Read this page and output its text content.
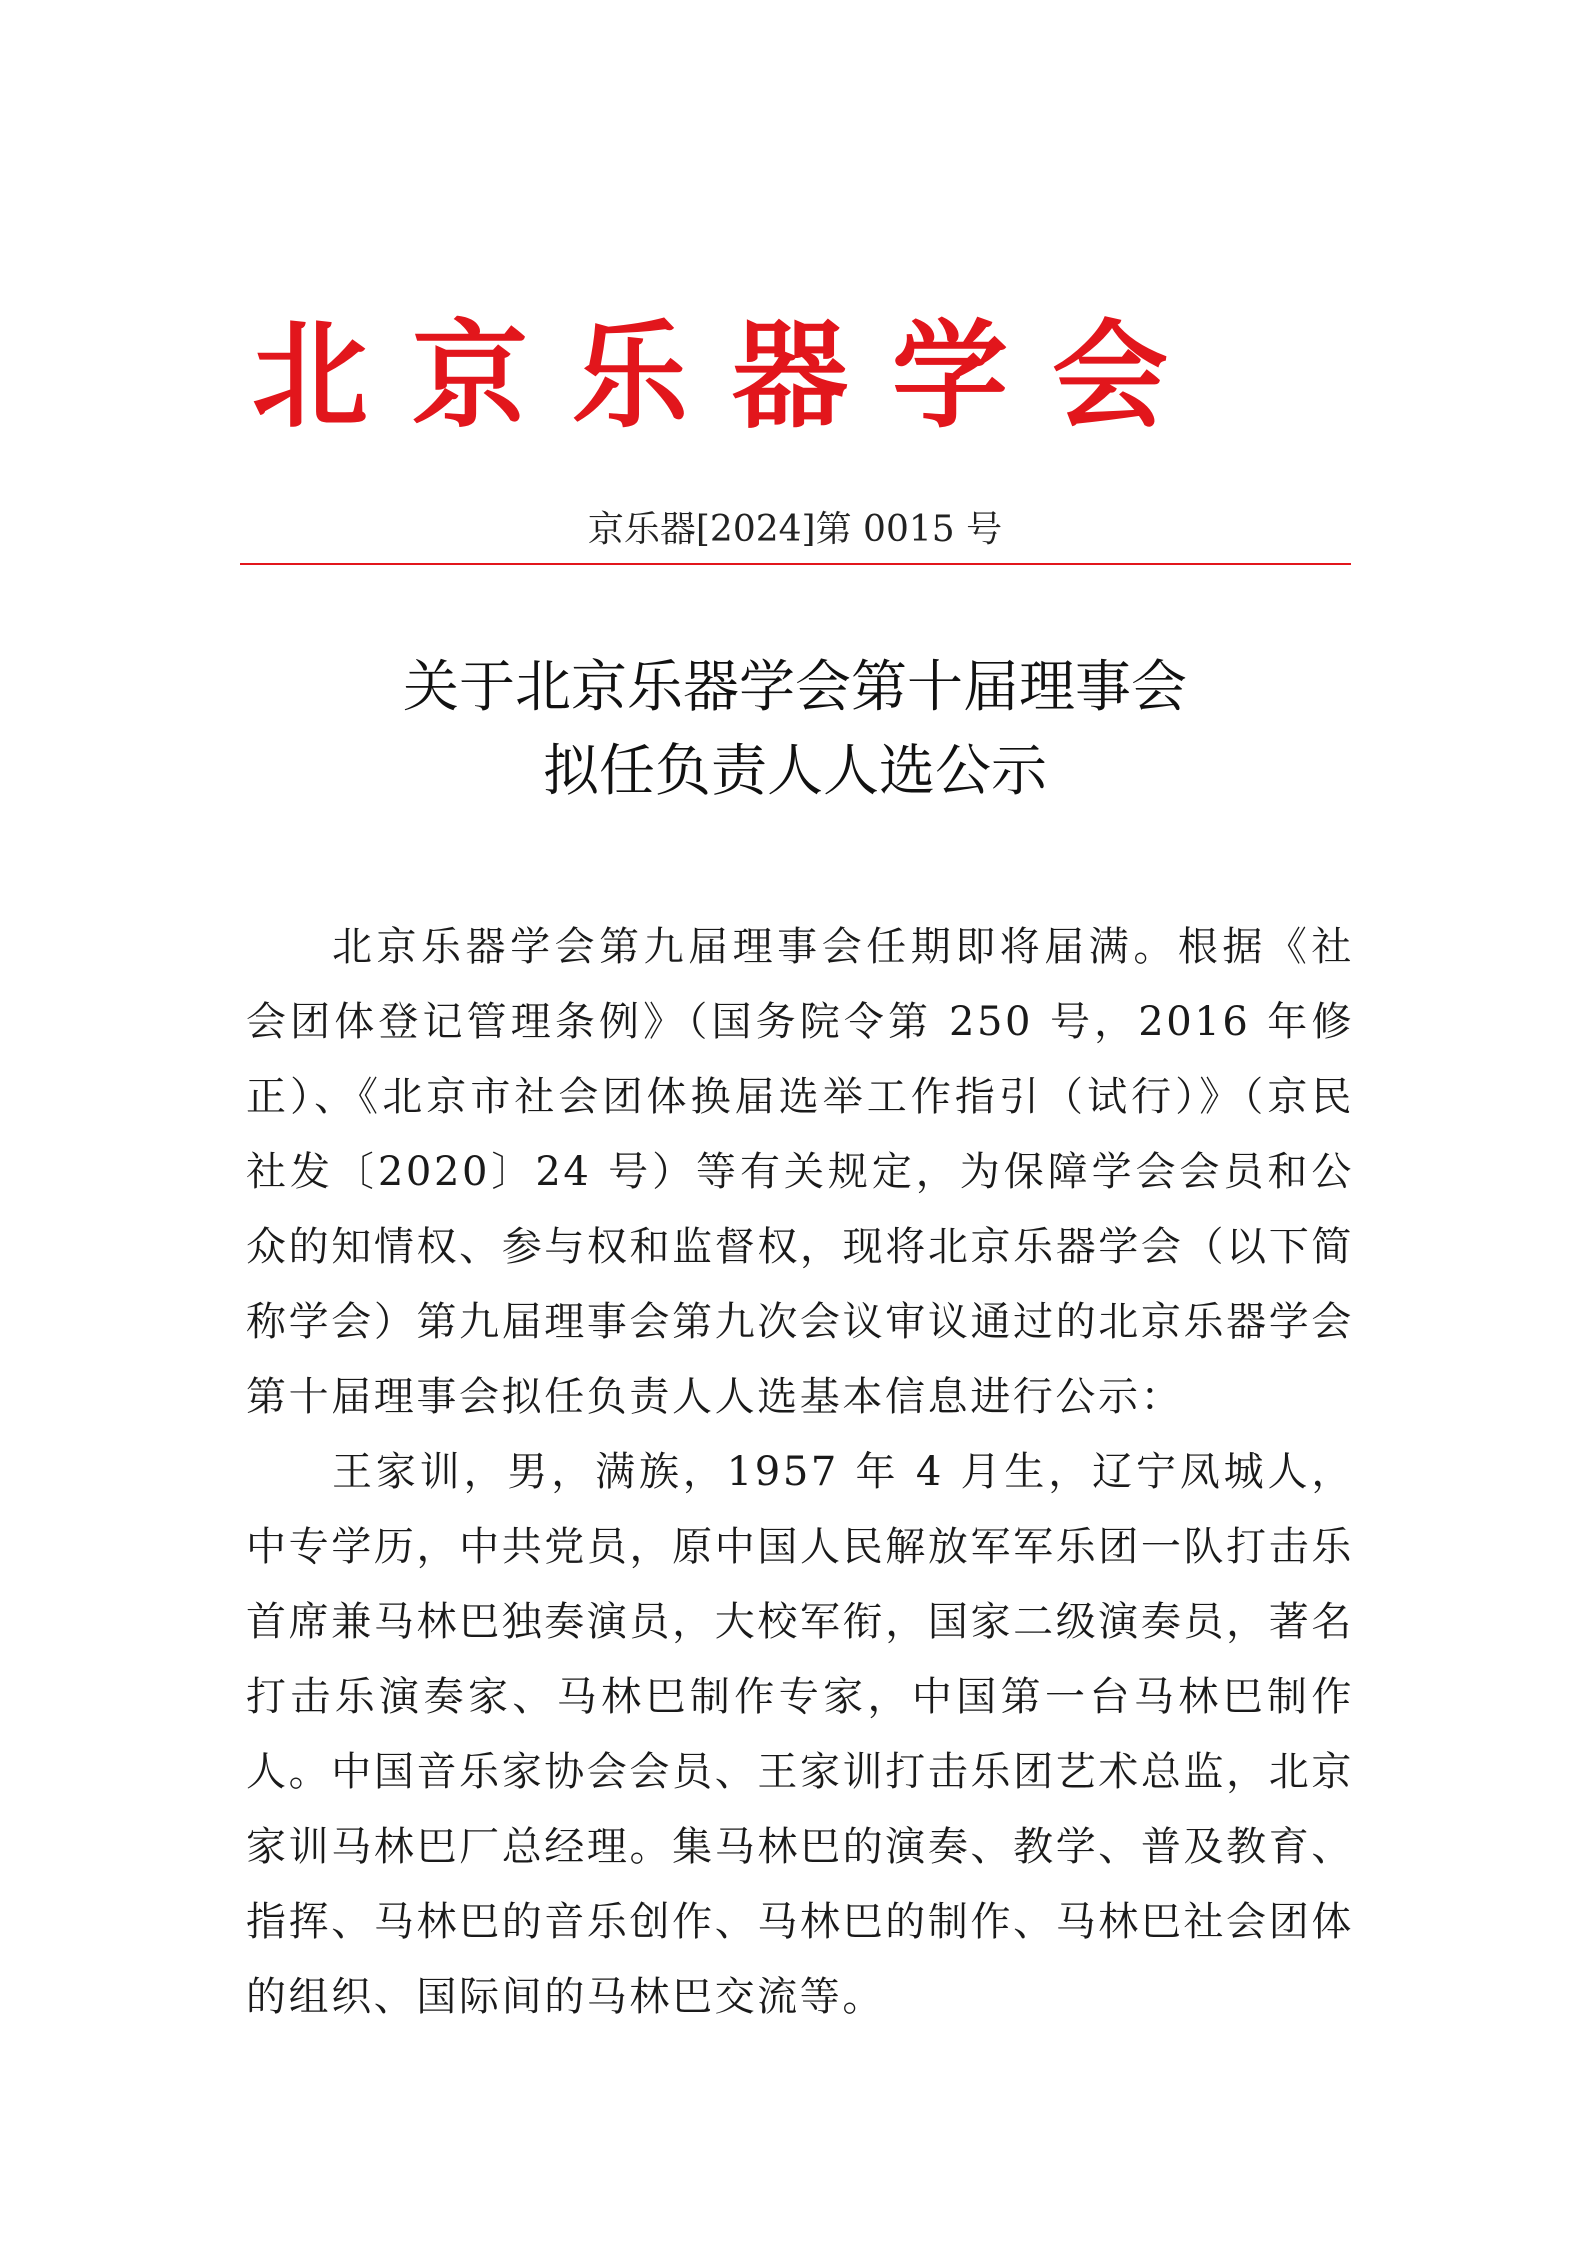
北京乐器学会
京乐器[2024]第 0015 号
关于北京乐器学会第十届理事会
拟任负责人人选公示

北京乐器学会第九届理事会任期即将届满。根据《社会团体登记管理条例》（国务院令第 250 号，2016 年修正）、《北京市社会团体换届选举工作指引（试行）》（京民社发〔2020〕24 号）等有关规定，为保障学会会员和公众的知情权、参与权和监督权，现将北京乐器学会（以下简称学会）第九届理事会第九次会议审议通过的北京乐器学会第十届理事会拟任负责人人选基本信息进行公示：

王家训，男，满族，1957 年 4 月生，辽宁凤城人，中专学历，中共党员，原中国人民解放军军乐团一队打击乐首席兼马林巴独奏演员，大校军衔，国家二级演奏员，著名打击乐演奏家、马林巴制作专家，中国第一台马林巴制作人。中国音乐家协会会员、王家训打击乐团艺术总监，北京家训马林巴厂总经理。集马林巴的演奏、教学、普及教育、指挥、马林巴的音乐创作、马林巴的制作、马林巴社会团体的组织、国际间的马林巴交流等。
